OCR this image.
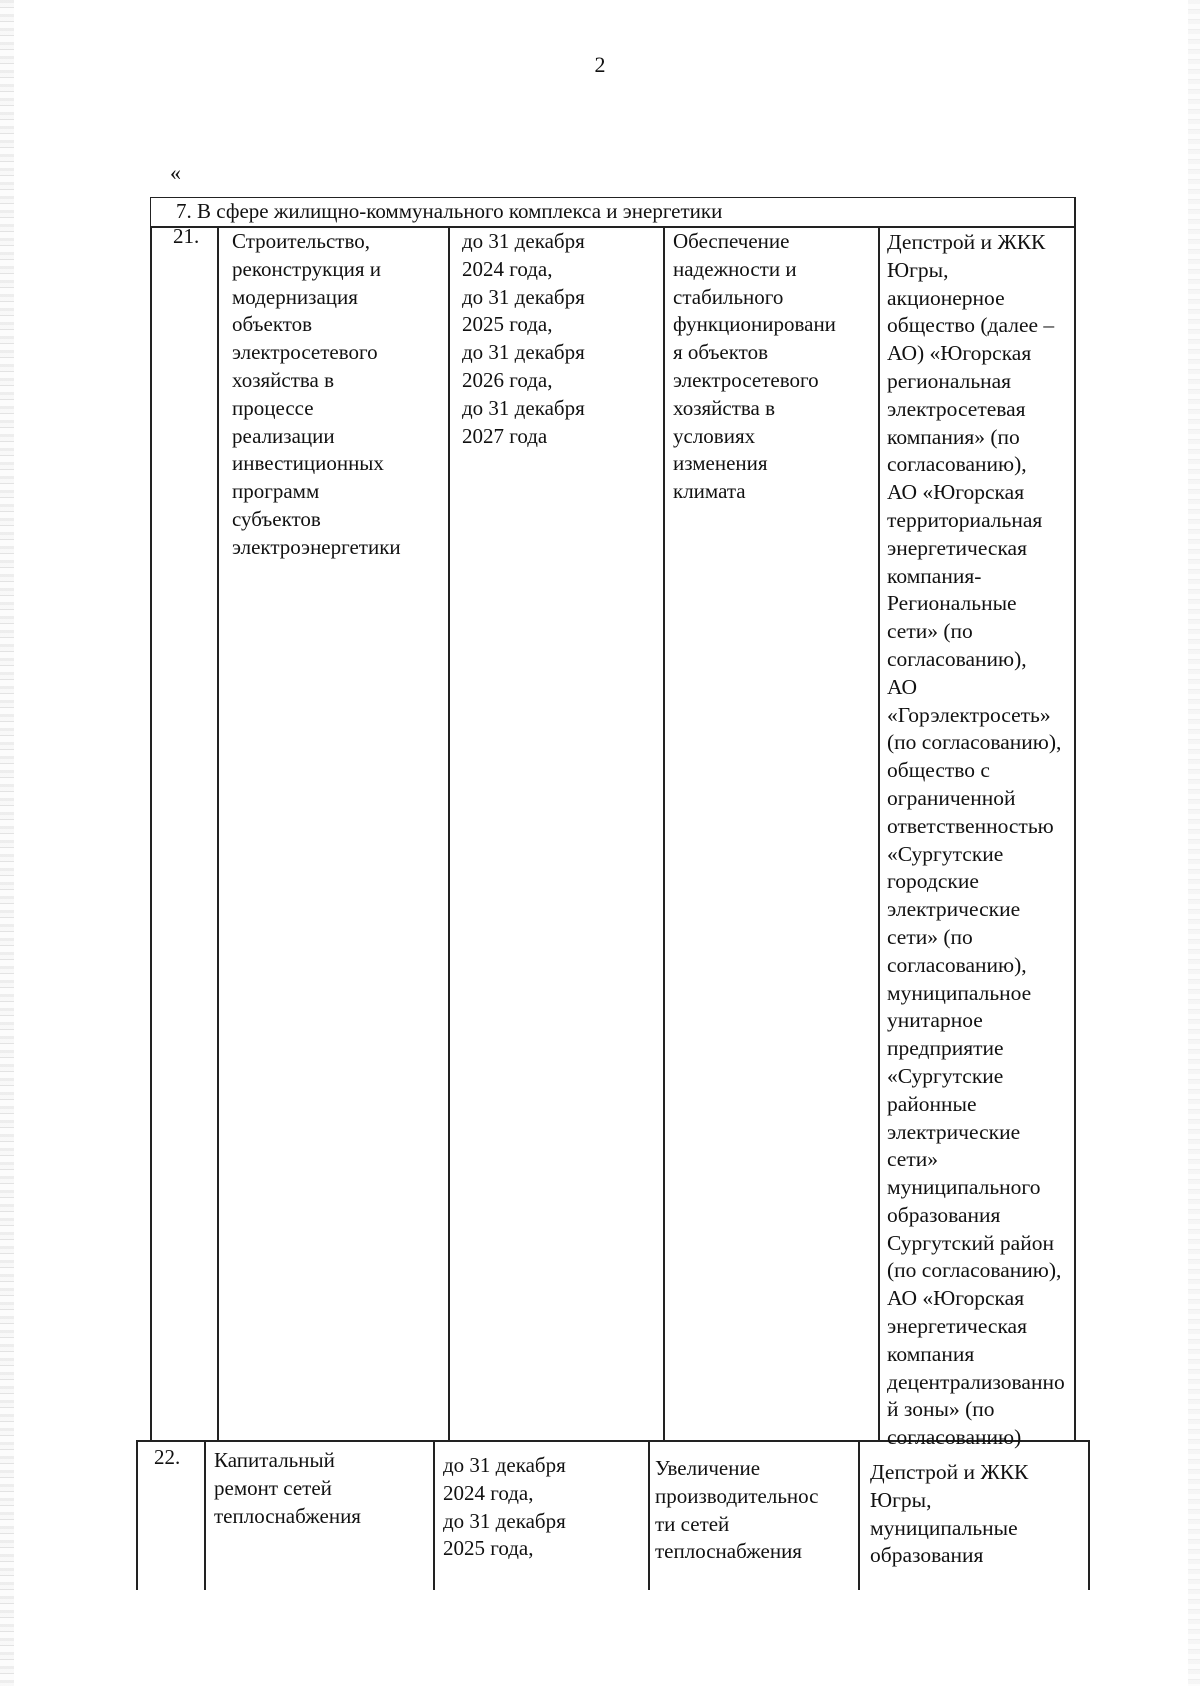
2
«
7. В сфере жилищно-коммунального комплекса и энергетики
21. Строительство,
реконструкция и
модернизация
объектов
электросетевого
хозяйства в
процессе
реализации
инвестиционных
программ
субъектов
электроэнергетики
до 31 декабря
2024 года,
до 31 декабря
2025 года,
до 31 декабря
2026 года,
до 31 декабря
2027 года
Обеспечение
надежности и
стабильного
функционировани
я объектов
электросетевого
хозяйства в
условиях
изменения
климата
Депстрой и ЖКК
Югры,
акционерное
общество (далее –
АО) «Югорская
региональная
электросетевая
компания» (по
согласованию),
АО «Югорская
территориальная
энергетическая
компания-
Региональные
сети» (по
согласованию),
АО
«Горэлектросеть»
(по согласованию),
общество с
ограниченной
ответственностью
«Сургутские
городские
электрические
сети» (по
согласованию),
муниципальное
унитарное
предприятие
«Сургутские
районные
электрические
сети»
муниципального
образования
Сургутский район
(по согласованию),
АО «Югорская
энергетическая
компания
децентрализованно
й зоны» (по
согласованию)
22. Капитальный
ремонт сетей
теплоснабжения
до 31 декабря
2024 года,
до 31 декабря
2025 года,
Увеличение
производительнос
ти сетей
теплоснабжения
Депстрой и ЖКК
Югры,
муниципальные
образования
